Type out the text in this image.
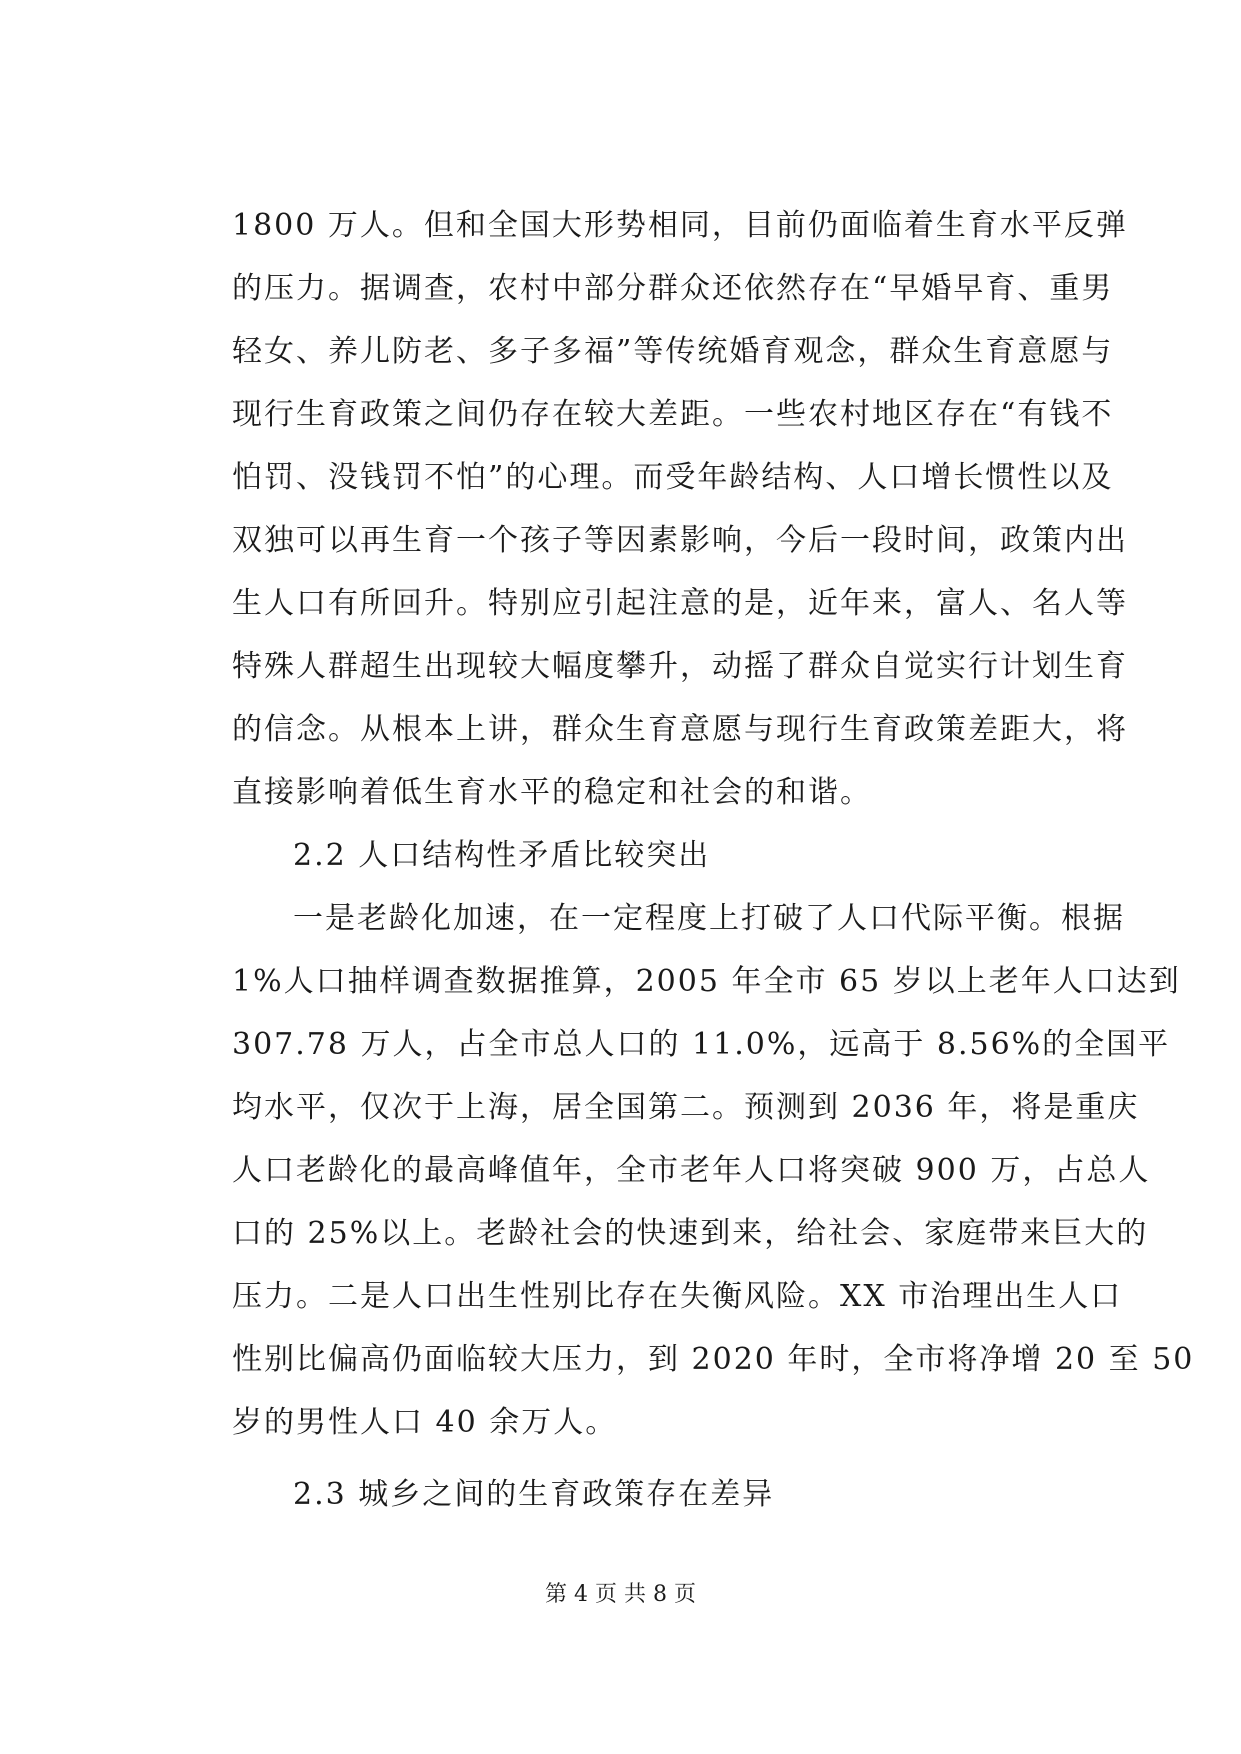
1800 万人。但和全国大形势相同，目前仍面临着生育水平反弹

的压力。据调查，农村中部分群众还依然存在“早婚早育、重男

轻女、养儿防老、多子多福”等传统婚育观念，群众生育意愿与

现行生育政策之间仍存在较大差距。一些农村地区存在“有钱不

怕罚、没钱罚不怕”的心理。而受年龄结构、人口增长惯性以及

双独可以再生育一个孩子等因素影响，今后一段时间，政策内出

生人口有所回升。特别应引起注意的是，近年来，富人、名人等

特殊人群超生出现较大幅度攀升，动摇了群众自觉实行计划生育

的信念。从根本上讲，群众生育意愿与现行生育政策差距大，将

直接影响着低生育水平的稳定和社会的和谐。

2.2 人口结构性矛盾比较突出

一是老龄化加速，在一定程度上打破了人口代际平衡。根据

1%人口抽样调查数据推算，2005 年全市 65 岁以上老年人口达到

307.78 万人，占全市总人口的 11.0%，远高于 8.56%的全国平

均水平，仅次于上海，居全国第二。预测到 2036 年，将是重庆

人口老龄化的最高峰值年，全市老年人口将突破 900 万，占总人

口的 25%以上。老龄社会的快速到来，给社会、家庭带来巨大的

压力。二是人口出生性别比存在失衡风险。XX 市治理出生人口

性别比偏高仍面临较大压力，到 2020 年时，全市将净增 20 至 50

岁的男性人口 40 余万人。

2.3 城乡之间的生育政策存在差异

第 4 页 共 8 页
